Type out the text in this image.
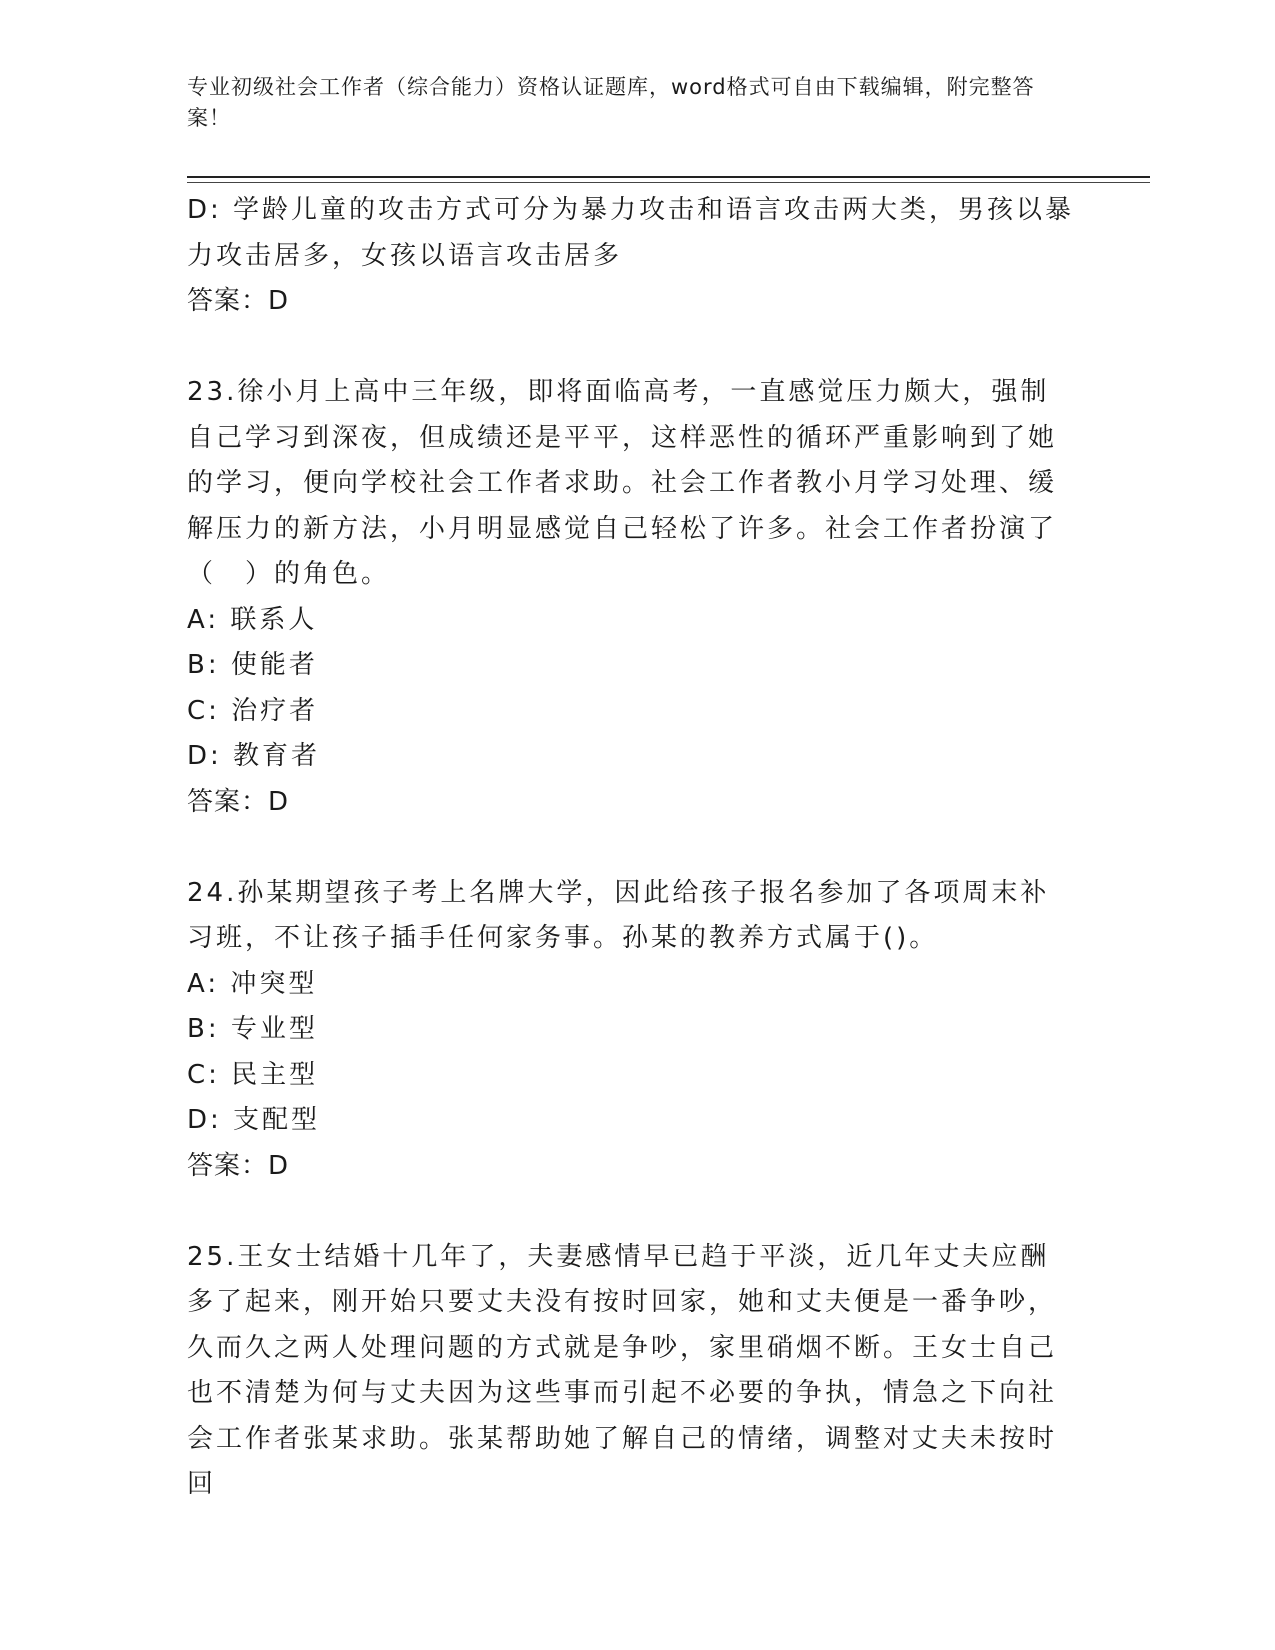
专业初级社会工作者（综合能力）资格认证题库，word格式可自由下载编辑，附完整答案！
D: 学龄儿童的攻击方式可分为暴力攻击和语言攻击两大类，男孩以暴力攻击居多，女孩以语言攻击居多
答案：D
23.徐小月上高中三年级，即将面临高考，一直感觉压力颇大，强制自己学习到深夜，但成绩还是平平，这样恶性的循环严重影响到了她的学习，便向学校社会工作者求助。社会工作者教小月学习处理、缓解压力的新方法，小月明显感觉自己轻松了许多。社会工作者扮演了（　）的角色。
A: 联系人
B: 使能者
C: 治疗者
D: 教育者
答案：D
24.孙某期望孩子考上名牌大学，因此给孩子报名参加了各项周末补习班，不让孩子插手任何家务事。孙某的教养方式属于()。
A: 冲突型
B: 专业型
C: 民主型
D: 支配型
答案：D
25.王女士结婚十几年了，夫妻感情早已趋于平淡，近几年丈夫应酬多了起来，刚开始只要丈夫没有按时回家，她和丈夫便是一番争吵，久而久之两人处理问题的方式就是争吵，家里硝烟不断。王女士自己也不清楚为何与丈夫因为这些事而引起不必要的争执，情急之下向社会工作者张某求助。张某帮助她了解自己的情绪，调整对丈夫未按时回
